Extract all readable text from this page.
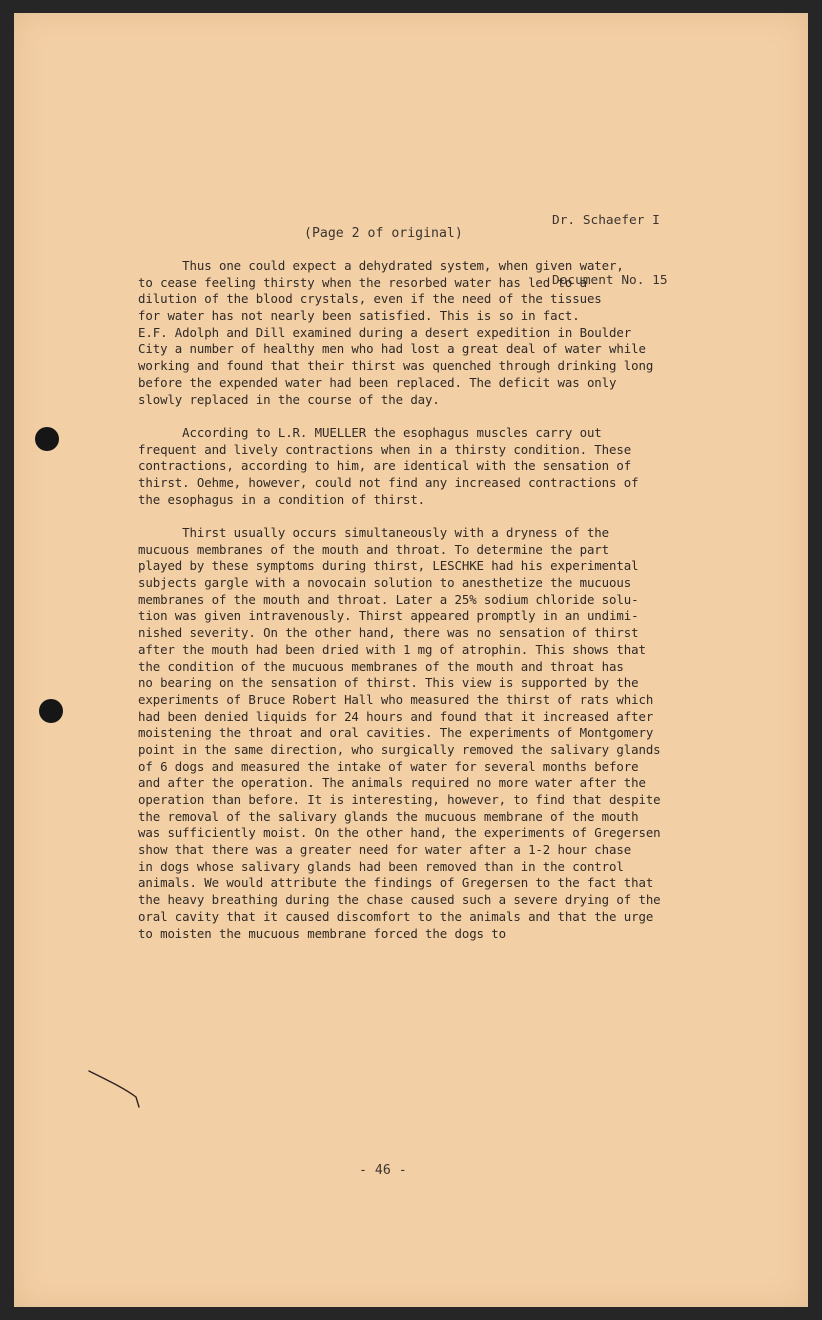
Dr. Schaefer I

Document No. 15

(Page 2 of original)
Thus one could expect a dehydrated system, when given water,
to cease feeling thirsty when the resorbed water has led to a
dilution of the blood crystals, even if the need of the tissues
for water has not nearly been satisfied. This is so in fact.
E.F. Adolph and Dill examined during a desert expedition in Boulder
City a number of healthy men who had lost a great deal of water while
working and found that their thirst was quenched through drinking long
before the expended water had been replaced. The deficit was only
slowly replaced in the course of the day.
According to L.R. MUELLER the esophagus muscles carry out
frequent and lively contractions when in a thirsty condition. These
contractions, according to him, are identical with the sensation of
thirst. Oehme, however, could not find any increased contractions of
the esophagus in a condition of thirst.
Thirst usually occurs simultaneously with a dryness of the
mucuous membranes of the mouth and throat. To determine the part
played by these symptoms during thirst, LESCHKE had his experimental
subjects gargle with a novocain solution to anesthetize the mucuous
membranes of the mouth and throat. Later a 25% sodium chloride solu-
tion was given intravenously. Thirst appeared promptly in an undimi-
nished severity. On the other hand, there was no sensation of thirst
after the mouth had been dried with 1 mg of atrophin. This shows that
the condition of the mucuous membranes of the mouth and throat has
no bearing on the sensation of thirst. This view is supported by the
experiments of Bruce Robert Hall who measured the thirst of rats which
had been denied liquids for 24 hours and found that it increased after
moistening the throat and oral cavities. The experiments of Montgomery
point in the same direction, who surgically removed the salivary glands
of 6 dogs and measured the intake of water for several months before
and after the operation. The animals required no more water after the
operation than before. It is interesting, however, to find that despite
the removal of the salivary glands the mucuous membrane of the mouth
was sufficiently moist. On the other hand, the experiments of Gregersen
show that there was a greater need for water after a 1-2 hour chase
in dogs whose salivary glands had been removed than in the control
animals. We would attribute the findings of Gregersen to the fact that
the heavy breathing during the chase caused such a severe drying of the
oral cavity that it caused discomfort to the animals and that the urge
to moisten the mucuous membrane forced the dogs to
- 46 -
